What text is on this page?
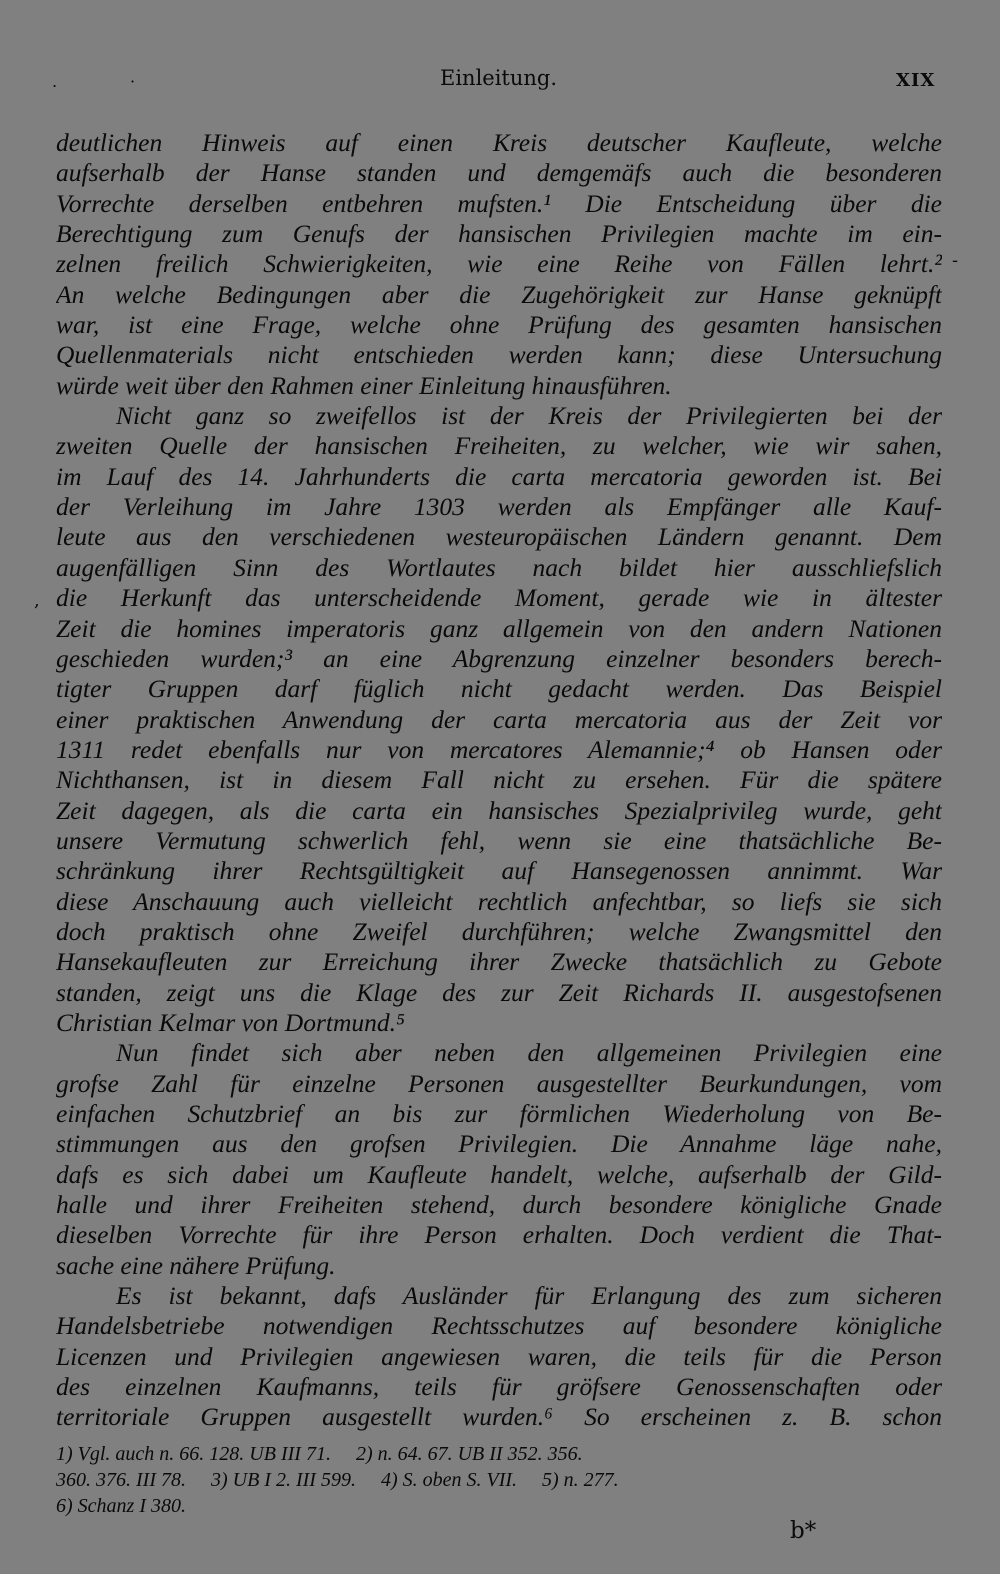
.	·	Einleitung.	XIX
deutlichen Hinweis auf einen Kreis deutscher Kaufleute, welche
aufserhalb der Hanse standen und demgemäfs auch die besonderen
Vorrechte derselben entbehren mufsten.¹ Die Entscheidung über die
Berechtigung zum Genufs der hansischen Privilegien machte im ein-
zelnen freilich Schwierigkeiten, wie eine Reihe von Fällen lehrt.²
An welche Bedingungen aber die Zugehörigkeit zur Hanse geknüpft
war, ist eine Frage, welche ohne Prüfung des gesamten hansischen
Quellenmaterials nicht entschieden werden kann; diese Untersuchung
würde weit über den Rahmen einer Einleitung hinausführen.
Nicht ganz so zweifellos ist der Kreis der Privilegierten bei der
zweiten Quelle der hansischen Freiheiten, zu welcher, wie wir sahen,
im Lauf des 14. Jahrhunderts die carta mercatoria geworden ist. Bei
der Verleihung im Jahre 1303 werden als Empfänger alle Kauf-
leute aus den verschiedenen westeuropäischen Ländern genannt. Dem
augenfälligen Sinn des Wortlautes nach bildet hier ausschliefslich
die Herkunft das unterscheidende Moment, gerade wie in ältester
Zeit die homines imperatoris ganz allgemein von den andern Nationen
geschieden wurden;³ an eine Abgrenzung einzelner besonders berech-
tigter Gruppen darf füglich nicht gedacht werden. Das Beispiel
einer praktischen Anwendung der carta mercatoria aus der Zeit vor
1311 redet ebenfalls nur von mercatores Alemannie;⁴ ob Hansen oder
Nichthansen, ist in diesem Fall nicht zu ersehen. Für die spätere
Zeit dagegen, als die carta ein hansisches Spezialprivileg wurde, geht
unsere Vermutung schwerlich fehl, wenn sie eine thatsächliche Be-
schränkung ihrer Rechtsgültigkeit auf Hansegenossen annimmt. War
diese Anschauung auch vielleicht rechtlich anfechtbar, so liefs sie sich
doch praktisch ohne Zweifel durchführen; welche Zwangsmittel den
Hansekaufleuten zur Erreichung ihrer Zwecke thatsächlich zu Gebote
standen, zeigt uns die Klage des zur Zeit Richards II. ausgestofsenen
Christian Kelmar von Dortmund.⁵
Nun findet sich aber neben den allgemeinen Privilegien eine
grofse Zahl für einzelne Personen ausgestellter Beurkundungen, vom
einfachen Schutzbrief an bis zur förmlichen Wiederholung von Be-
stimmungen aus den grofsen Privilegien. Die Annahme läge nahe,
dafs es sich dabei um Kaufleute handelt, welche, aufserhalb der Gild-
halle und ihrer Freiheiten stehend, durch besondere königliche Gnade
dieselben Vorrechte für ihre Person erhalten. Doch verdient die That-
sache eine nähere Prüfung.
Es ist bekannt, dafs Ausländer für Erlangung des zum sicheren
Handelsbetriebe notwendigen Rechtsschutzes auf besondere königliche
Licenzen und Privilegien angewiesen waren, die teils für die Person
des einzelnen Kaufmanns, teils für gröfsere Genossenschaften oder
territoriale Gruppen ausgestellt wurden.⁶ So erscheinen z. B. schon
-
,
1) Vgl. auch n. 66. 128. UB III 71.     2) n. 64. 67. UB II 352. 356.
360. 376. III 78.     3) UB I 2. III 599.     4) S. oben S. VII.     5) n. 277.
6) Schanz I 380.
b*
